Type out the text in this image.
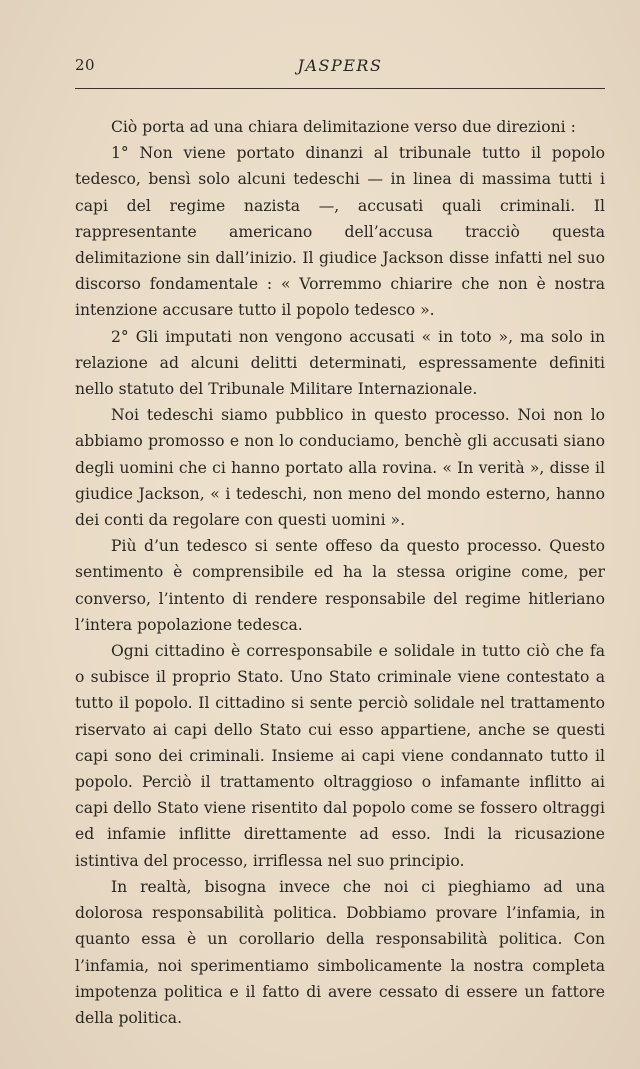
20	JASPERS

Ciò porta ad una chiara delimitazione verso due direzioni :

1° Non viene portato dinanzi al tribunale tutto il popolo tedesco, bensì solo alcuni tedeschi — in linea di massima tutti i capi del regime nazista —, accusati quali criminali. Il rappresentante americano dell’accusa tracciò questa delimitazione sin dall’inizio. Il giudice Jackson disse infatti nel suo discorso fondamentale : « Vorremmo chiarire che non è nostra intenzione accusare tutto il popolo tedesco ».

2° Gli imputati non vengono accusati « in toto », ma solo in relazione ad alcuni delitti determinati, espressamente definiti nello statuto del Tribunale Militare Internazionale.

Noi tedeschi siamo pubblico in questo processo. Noi non lo abbiamo promosso e non lo conduciamo, benchè gli accusati siano degli uomini che ci hanno portato alla rovina. « In verità », disse il giudice Jackson, « i tedeschi, non meno del mondo esterno, hanno dei conti da regolare con questi uomini ».

Più d’un tedesco si sente offeso da questo processo. Questo sentimento è comprensibile ed ha la stessa origine come, per converso, l’intento di rendere responsabile del regime hitleriano l’intera popolazione tedesca.

Ogni cittadino è corresponsabile e solidale in tutto ciò che fa o subisce il proprio Stato. Uno Stato criminale viene contestato a tutto il popolo. Il cittadino si sente perciò solidale nel trattamento riservato ai capi dello Stato cui esso appartiene, anche se questi capi sono dei criminali. Insieme ai capi viene condannato tutto il popolo. Perciò il trattamento oltraggioso o infamante inflitto ai capi dello Stato viene risentito dal popolo come se fossero oltraggi ed infamie inflitte direttamente ad esso. Indi la ricusazione istintiva del processo, irriflessa nel suo principio.

In realtà, bisogna invece che noi ci pieghiamo ad una dolorosa responsabilità politica. Dobbiamo provare l’infamia, in quanto essa è un corollario della responsabilità politica. Con l’infamia, noi sperimentiamo simbolicamente la nostra completa impotenza politica e il fatto di avere cessato di essere un fattore della politica.
